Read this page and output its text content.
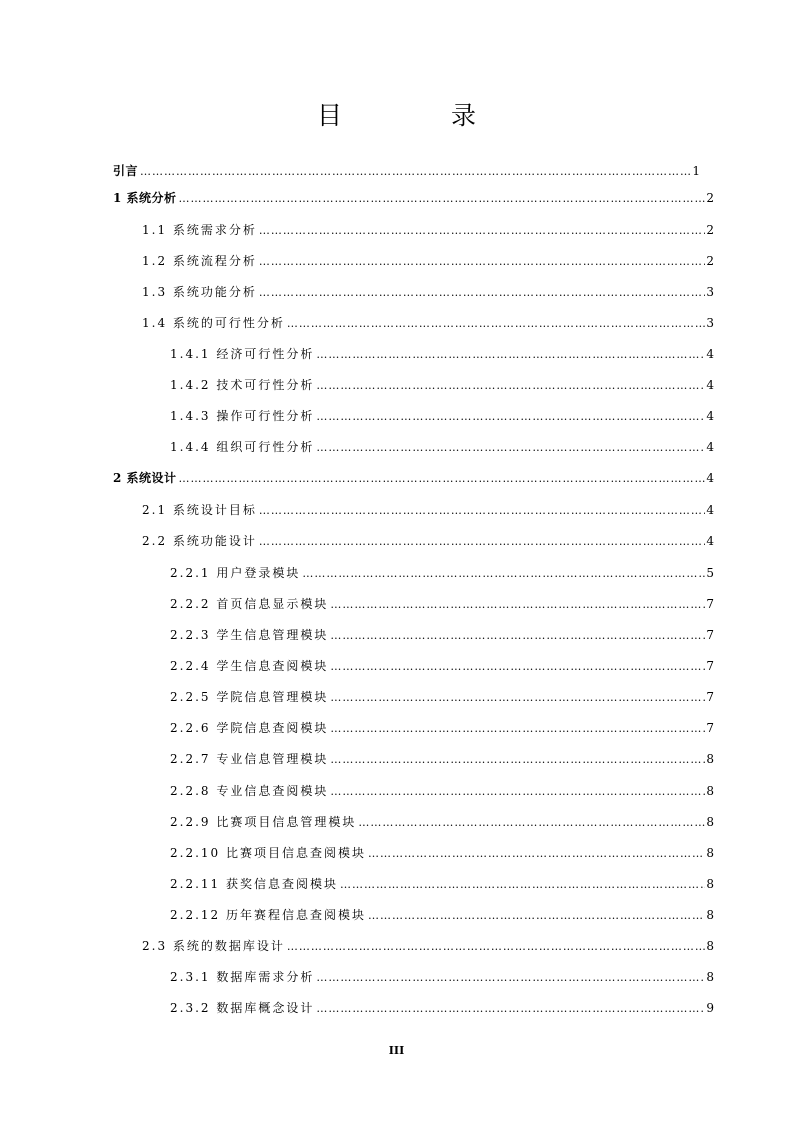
目　录
引言 ……………………………………………………………………………………………………………………………………………………………………………………………………	1
1 系统分析 ……………………………………………………………………………………………………………………………………………………………………………………………………	2
1.1 系统需求分析 ……………………………………………………………………………………………………………………………………………………………………………………………………	2
1.2 系统流程分析 ……………………………………………………………………………………………………………………………………………………………………………………………………	2
1.3 系统功能分析 ……………………………………………………………………………………………………………………………………………………………………………………………………	3
1.4 系统的可行性分析 ……………………………………………………………………………………………………………………………………………………………………………………………………	3
1.4.1 经济可行性分析 ……………………………………………………………………………………………………………………………………………………………………………………………………	4
1.4.2 技术可行性分析 ……………………………………………………………………………………………………………………………………………………………………………………………………	4
1.4.3 操作可行性分析 ……………………………………………………………………………………………………………………………………………………………………………………………………	4
1.4.4 组织可行性分析 ……………………………………………………………………………………………………………………………………………………………………………………………………	4
2 系统设计 ……………………………………………………………………………………………………………………………………………………………………………………………………	4
2.1 系统设计目标 ……………………………………………………………………………………………………………………………………………………………………………………………………	4
2.2 系统功能设计 ……………………………………………………………………………………………………………………………………………………………………………………………………	4
2.2.1 用户登录模块 ……………………………………………………………………………………………………………………………………………………………………………………………………	5
2.2.2 首页信息显示模块 ……………………………………………………………………………………………………………………………………………………………………………………………………	7
2.2.3 学生信息管理模块 ……………………………………………………………………………………………………………………………………………………………………………………………………	7
2.2.4 学生信息查阅模块 ……………………………………………………………………………………………………………………………………………………………………………………………………	7
2.2.5 学院信息管理模块 ……………………………………………………………………………………………………………………………………………………………………………………………………	7
2.2.6 学院信息查阅模块 ……………………………………………………………………………………………………………………………………………………………………………………………………	7
2.2.7 专业信息管理模块 ……………………………………………………………………………………………………………………………………………………………………………………………………	8
2.2.8 专业信息查阅模块 ……………………………………………………………………………………………………………………………………………………………………………………………………	8
2.2.9 比赛项目信息管理模块 ……………………………………………………………………………………………………………………………………………………………………………………………………	8
2.2.10 比赛项目信息查阅模块 ……………………………………………………………………………………………………………………………………………………………………………………………………	8
2.2.11 获奖信息查阅模块 ……………………………………………………………………………………………………………………………………………………………………………………………………	8
2.2.12 历年赛程信息查阅模块 ……………………………………………………………………………………………………………………………………………………………………………………………………	8
2.3 系统的数据库设计 ……………………………………………………………………………………………………………………………………………………………………………………………………	8
2.3.1 数据库需求分析 ……………………………………………………………………………………………………………………………………………………………………………………………………	8
2.3.2 数据库概念设计 ……………………………………………………………………………………………………………………………………………………………………………………………………	9
III
